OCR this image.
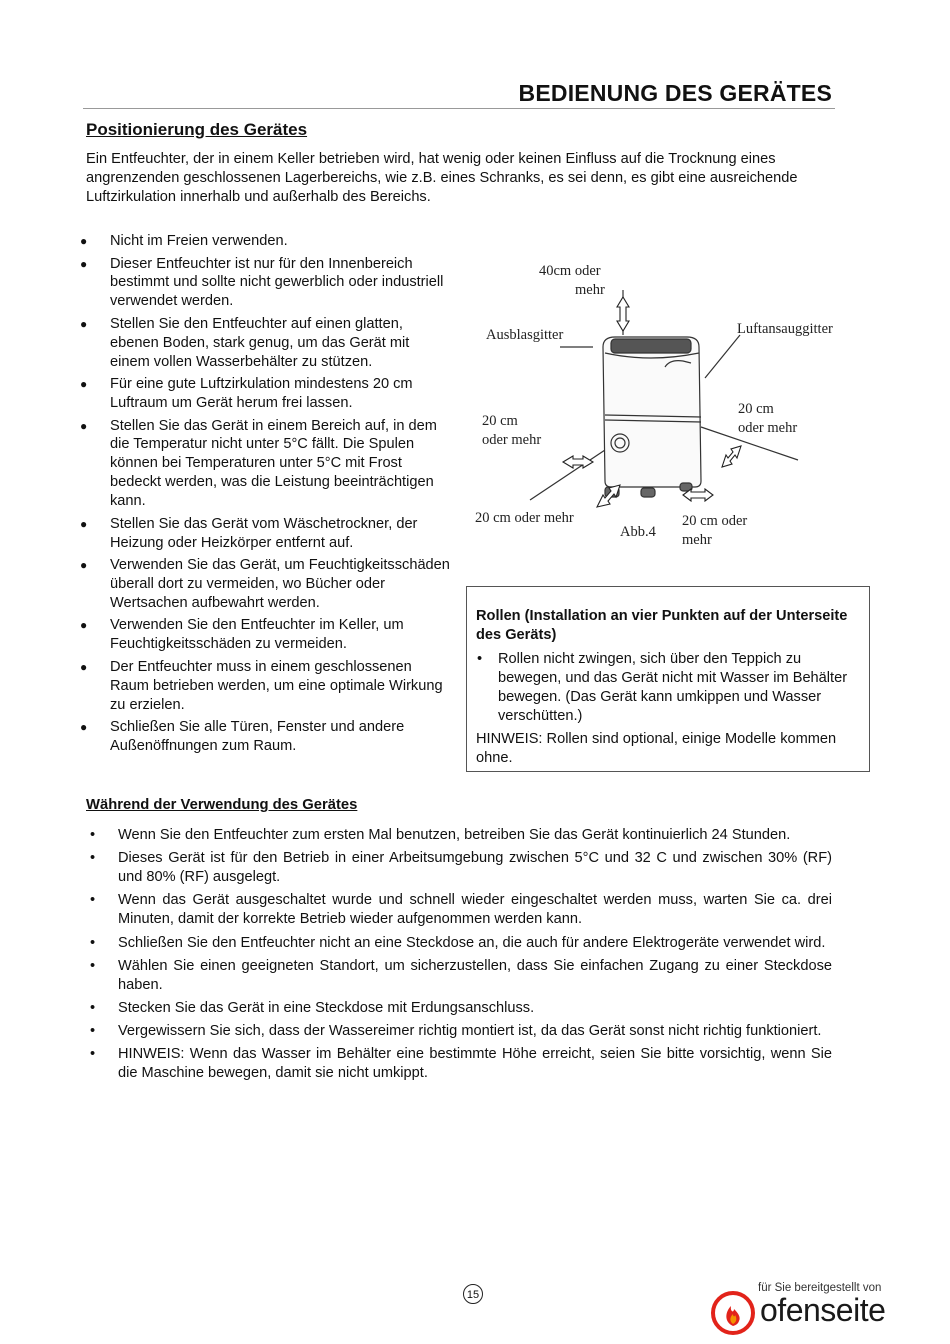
BEDIENUNG DES GERÄTES
Positionierung des Gerätes
Ein Entfeuchter, der in einem Keller betrieben wird, hat wenig oder keinen Einfluss auf die Trocknung eines angrenzenden geschlossenen Lagerbereichs, wie z.B. eines Schranks, es sei denn, es gibt eine ausreichende Luftzirkulation innerhalb und außerhalb des Bereichs.
● Nicht im Freien verwenden.
● Dieser Entfeuchter ist nur für den Innenbereich bestimmt und sollte nicht gewerblich oder industriell verwendet werden.
● Stellen Sie den Entfeuchter auf einen glatten, ebenen Boden, stark genug, um das Gerät mit einem vollen Wasserbehälter zu stützen.
● Für eine gute Luftzirkulation mindestens 20 cm Luftraum um Gerät herum frei lassen.
● Stellen Sie das Gerät in einem Bereich auf, in dem die Temperatur nicht unter 5°C fällt. Die Spulen können bei Temperaturen unter 5°C mit Frost bedeckt werden, was die Leistung beeinträchtigen kann.
● Stellen Sie das Gerät vom Wäschetrockner, der Heizung oder Heizkörper entfernt auf.
● Verwenden Sie das Gerät, um Feuchtigkeitsschäden überall dort zu vermeiden, wo Bücher oder Wertsachen aufbewahrt werden.
● Verwenden Sie den Entfeuchter im Keller, um Feuchtigkeitsschäden zu vermeiden.
● Der Entfeuchter muss in einem geschlossenen Raum betrieben werden, um eine optimale Wirkung zu erzielen.
● Schließen Sie alle Türen, Fenster und andere Außenöffnungen zum Raum.
40cm oder
mehr
Ausblasgitter	Luftansauggitter
20 cm
oder mehr
20 cm
oder mehr
20 cm oder mehr
Abb.4
20 cm oder
mehr
Rollen (Installation an vier Punkten auf der Unterseite des Geräts)
• Rollen nicht zwingen, sich über den Teppich zu bewegen, und das Gerät nicht mit Wasser im Behälter bewegen. (Das Gerät kann umkippen und Wasser verschütten.)
HINWEIS: Rollen sind optional, einige Modelle kommen ohne.
Während der Verwendung des Gerätes
• Wenn Sie den Entfeuchter zum ersten Mal benutzen, betreiben Sie das Gerät kontinuierlich 24 Stunden.
• Dieses Gerät ist für den Betrieb in einer Arbeitsumgebung zwischen 5°C und 32 C und zwischen 30% (RF) und 80% (RF) ausgelegt.
• Wenn das Gerät ausgeschaltet wurde und schnell wieder eingeschaltet werden muss, warten Sie ca. drei Minuten, damit der korrekte Betrieb wieder aufgenommen werden kann.
• Schließen Sie den Entfeuchter nicht an eine Steckdose an, die auch für andere Elektrogeräte verwendet wird.
• Wählen Sie einen geeigneten Standort, um sicherzustellen, dass Sie einfachen Zugang zu einer Steckdose haben.
• Stecken Sie das Gerät in eine Steckdose mit Erdungsanschluss.
• Vergewissern Sie sich, dass der Wassereimer richtig montiert ist, da das Gerät sonst nicht richtig funktioniert.
• HINWEIS: Wenn das Wasser im Behälter eine bestimmte Höhe erreicht, seien Sie bitte vorsichtig, wenn Sie die Maschine bewegen, damit sie nicht umkippt.
15
für Sie bereitgestellt von
ofenseite
